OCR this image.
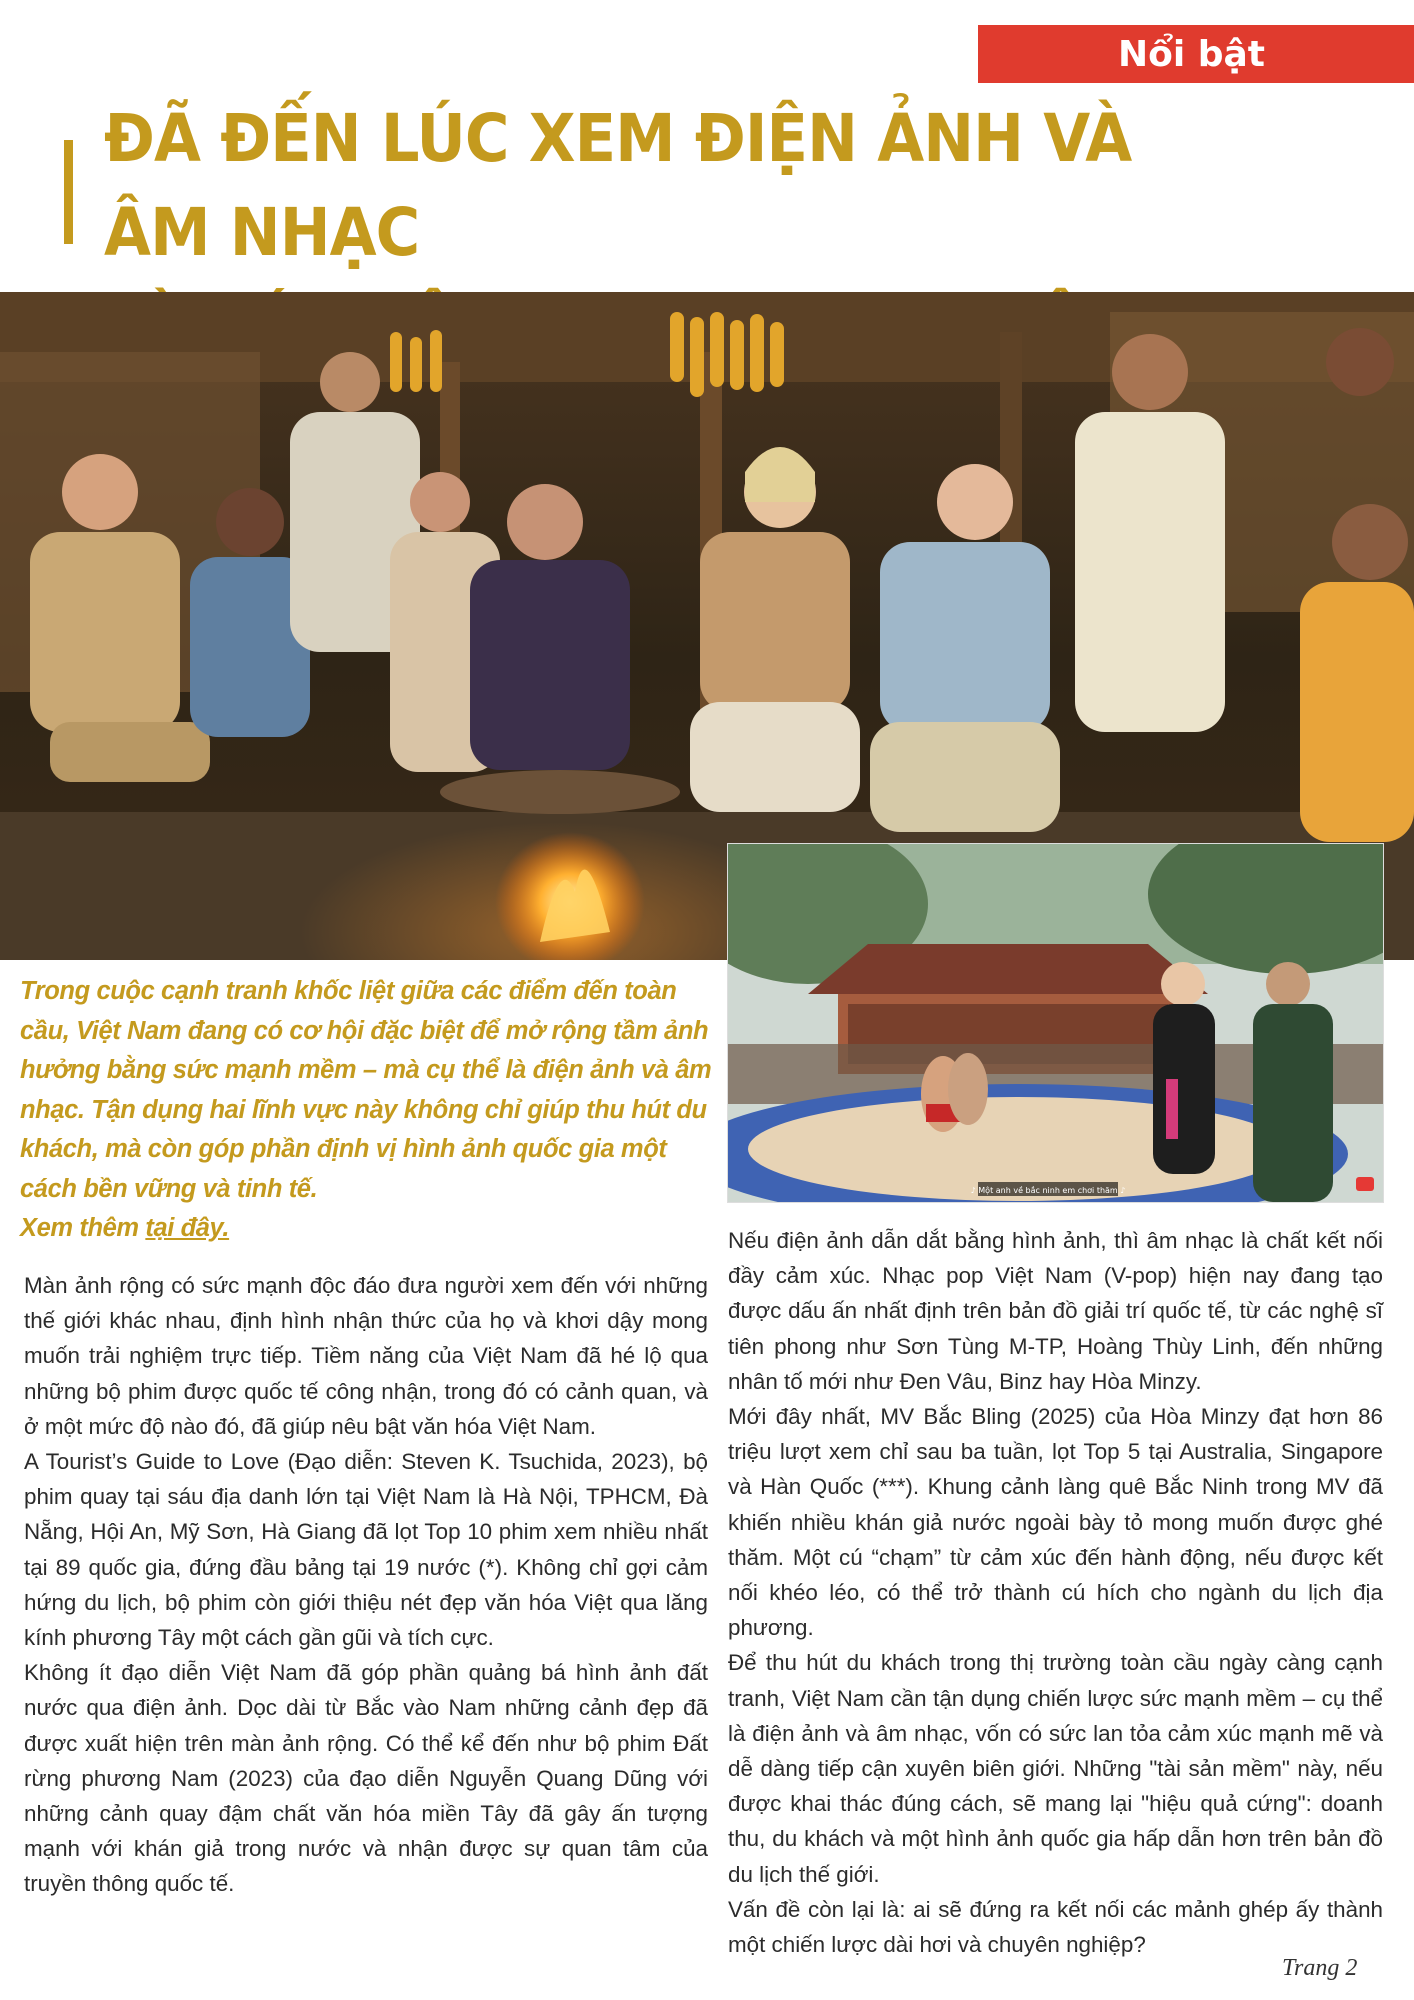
Nổi bật
ĐÃ ĐẾN LÚC XEM ĐIỆN ẢNH VÀ ÂM NHẠC
♪ Một anh về bắc ninh em chơi thăm ♪
Trong cuộc cạnh tranh khốc liệt giữa các điểm đến toàn cầu, Việt Nam đang có cơ hội đặc biệt để mở rộng tầm ảnh hưởng bằng sức mạnh mềm – mà cụ thể là điện ảnh và âm nhạc. Tận dụng hai lĩnh vực này không chỉ giúp thu hút du khách, mà còn góp phần định vị hình ảnh quốc gia một cách bền vững và tinh tế.
Xem thêm tại đây.

Màn ảnh rộng có sức mạnh độc đáo đưa người xem đến với những thế giới khác nhau, định hình nhận thức của họ và khơi dậy mong muốn trải nghiệm trực tiếp. Tiềm năng của Việt Nam đã hé lộ qua những bộ phim được quốc tế công nhận, trong đó có cảnh quan, và ở một mức độ nào đó, đã giúp nêu bật văn hóa Việt Nam.

A Tourist’s Guide to Love (Đạo diễn: Steven K. Tsuchida, 2023), bộ phim quay tại sáu địa danh lớn tại Việt Nam là Hà Nội, TPHCM, Đà Nẵng, Hội An, Mỹ Sơn, Hà Giang đã lọt Top 10 phim xem nhiều nhất tại 89 quốc gia, đứng đầu bảng tại 19 nước (*). Không chỉ gợi cảm hứng du lịch, bộ phim còn giới thiệu nét đẹp văn hóa Việt qua lăng kính phương Tây một cách gần gũi và tích cực.

Không ít đạo diễn Việt Nam đã góp phần quảng bá hình ảnh đất nước qua điện ảnh. Dọc dài từ Bắc vào Nam những cảnh đẹp đã được xuất hiện trên màn ảnh rộng. Có thể kể đến như bộ phim Đất rừng phương Nam (2023) của đạo diễn Nguyễn Quang Dũng với những cảnh quay đậm chất văn hóa miền Tây đã gây ấn tượng mạnh với khán giả trong nước và nhận được sự quan tâm của truyền thông quốc tế.

Nếu điện ảnh dẫn dắt bằng hình ảnh, thì âm nhạc là chất kết nối đầy cảm xúc. Nhạc pop Việt Nam (V-pop) hiện nay đang tạo được dấu ấn nhất định trên bản đồ giải trí quốc tế, từ các nghệ sĩ tiên phong như Sơn Tùng M-TP, Hoàng Thùy Linh, đến những nhân tố mới như Đen Vâu, Binz hay Hòa Minzy.

Mới đây nhất, MV Bắc Bling (2025) của Hòa Minzy đạt hơn 86 triệu lượt xem chỉ sau ba tuần, lọt Top 5 tại Australia, Singapore và Hàn Quốc (***). Khung cảnh làng quê Bắc Ninh trong MV đã khiến nhiều khán giả nước ngoài bày tỏ mong muốn được ghé thăm. Một cú “chạm” từ cảm xúc đến hành động, nếu được kết nối khéo léo, có thể trở thành cú hích cho ngành du lịch địa phương.

Để thu hút du khách trong thị trường toàn cầu ngày càng cạnh tranh, Việt Nam cần tận dụng chiến lược sức mạnh mềm – cụ thể là điện ảnh và âm nhạc, vốn có sức lan tỏa cảm xúc mạnh mẽ và dễ dàng tiếp cận xuyên biên giới. Những "tài sản mềm" này, nếu được khai thác đúng cách, sẽ mang lại "hiệu quả cứng": doanh thu, du khách và một hình ảnh quốc gia hấp dẫn hơn trên bản đồ du lịch thế giới.

Vấn đề còn lại là: ai sẽ đứng ra kết nối các mảnh ghép ấy thành một chiến lược dài hơi và chuyên nghiệp?

Trang 2
